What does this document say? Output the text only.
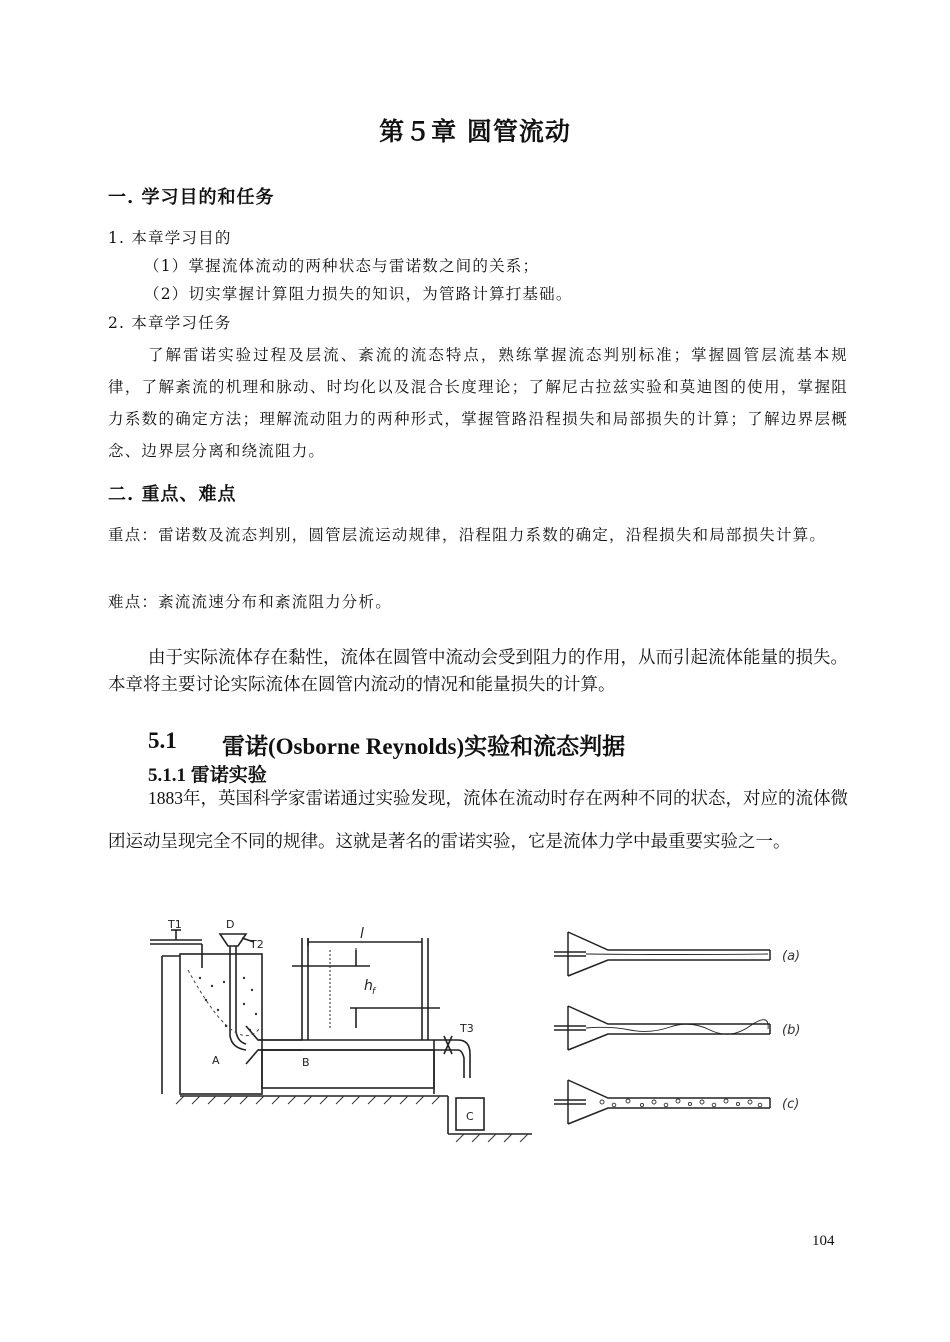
第５章 圆管流动
一. 学习目的和任务
1. 本章学习目的
（1）掌握流体流动的两种状态与雷诺数之间的关系；
（2）切实掌握计算阻力损失的知识，为管路计算打基础。
2. 本章学习任务
了解雷诺实验过程及层流、紊流的流态特点，熟练掌握流态判别标准；掌握圆管层流基本规律，了解紊流的机理和脉动、时均化以及混合长度理论；了解尼古拉兹实验和莫迪图的使用，掌握阻力系数的确定方法；理解流动阻力的两种形式，掌握管路沿程损失和局部损失的计算；了解边界层概念、边界层分离和绕流阻力。
二. 重点、难点
重点：雷诺数及流态判别，圆管层流运动规律，沿程阻力系数的确定，沿程损失和局部损失计算。
难点：紊流流速分布和紊流阻力分析。
由于实际流体存在黏性，流体在圆管中流动会受到阻力的作用，从而引起流体能量的损失。本章将主要讨论实际流体在圆管内流动的情况和能量损失的计算。
5.1 雷诺(Osborne Reynolds)实验和流态判据
5.1.1 雷诺实验
1883年，英国科学家雷诺通过实验发现，流体在流动时存在两种不同的状态，对应的流体微团运动呈现完全不同的规律。这就是著名的雷诺实验，它是流体力学中最重要实验之一。
T1
T2
D
T3
A	B
C
l
h f
(a)
(b)
(c)
104
